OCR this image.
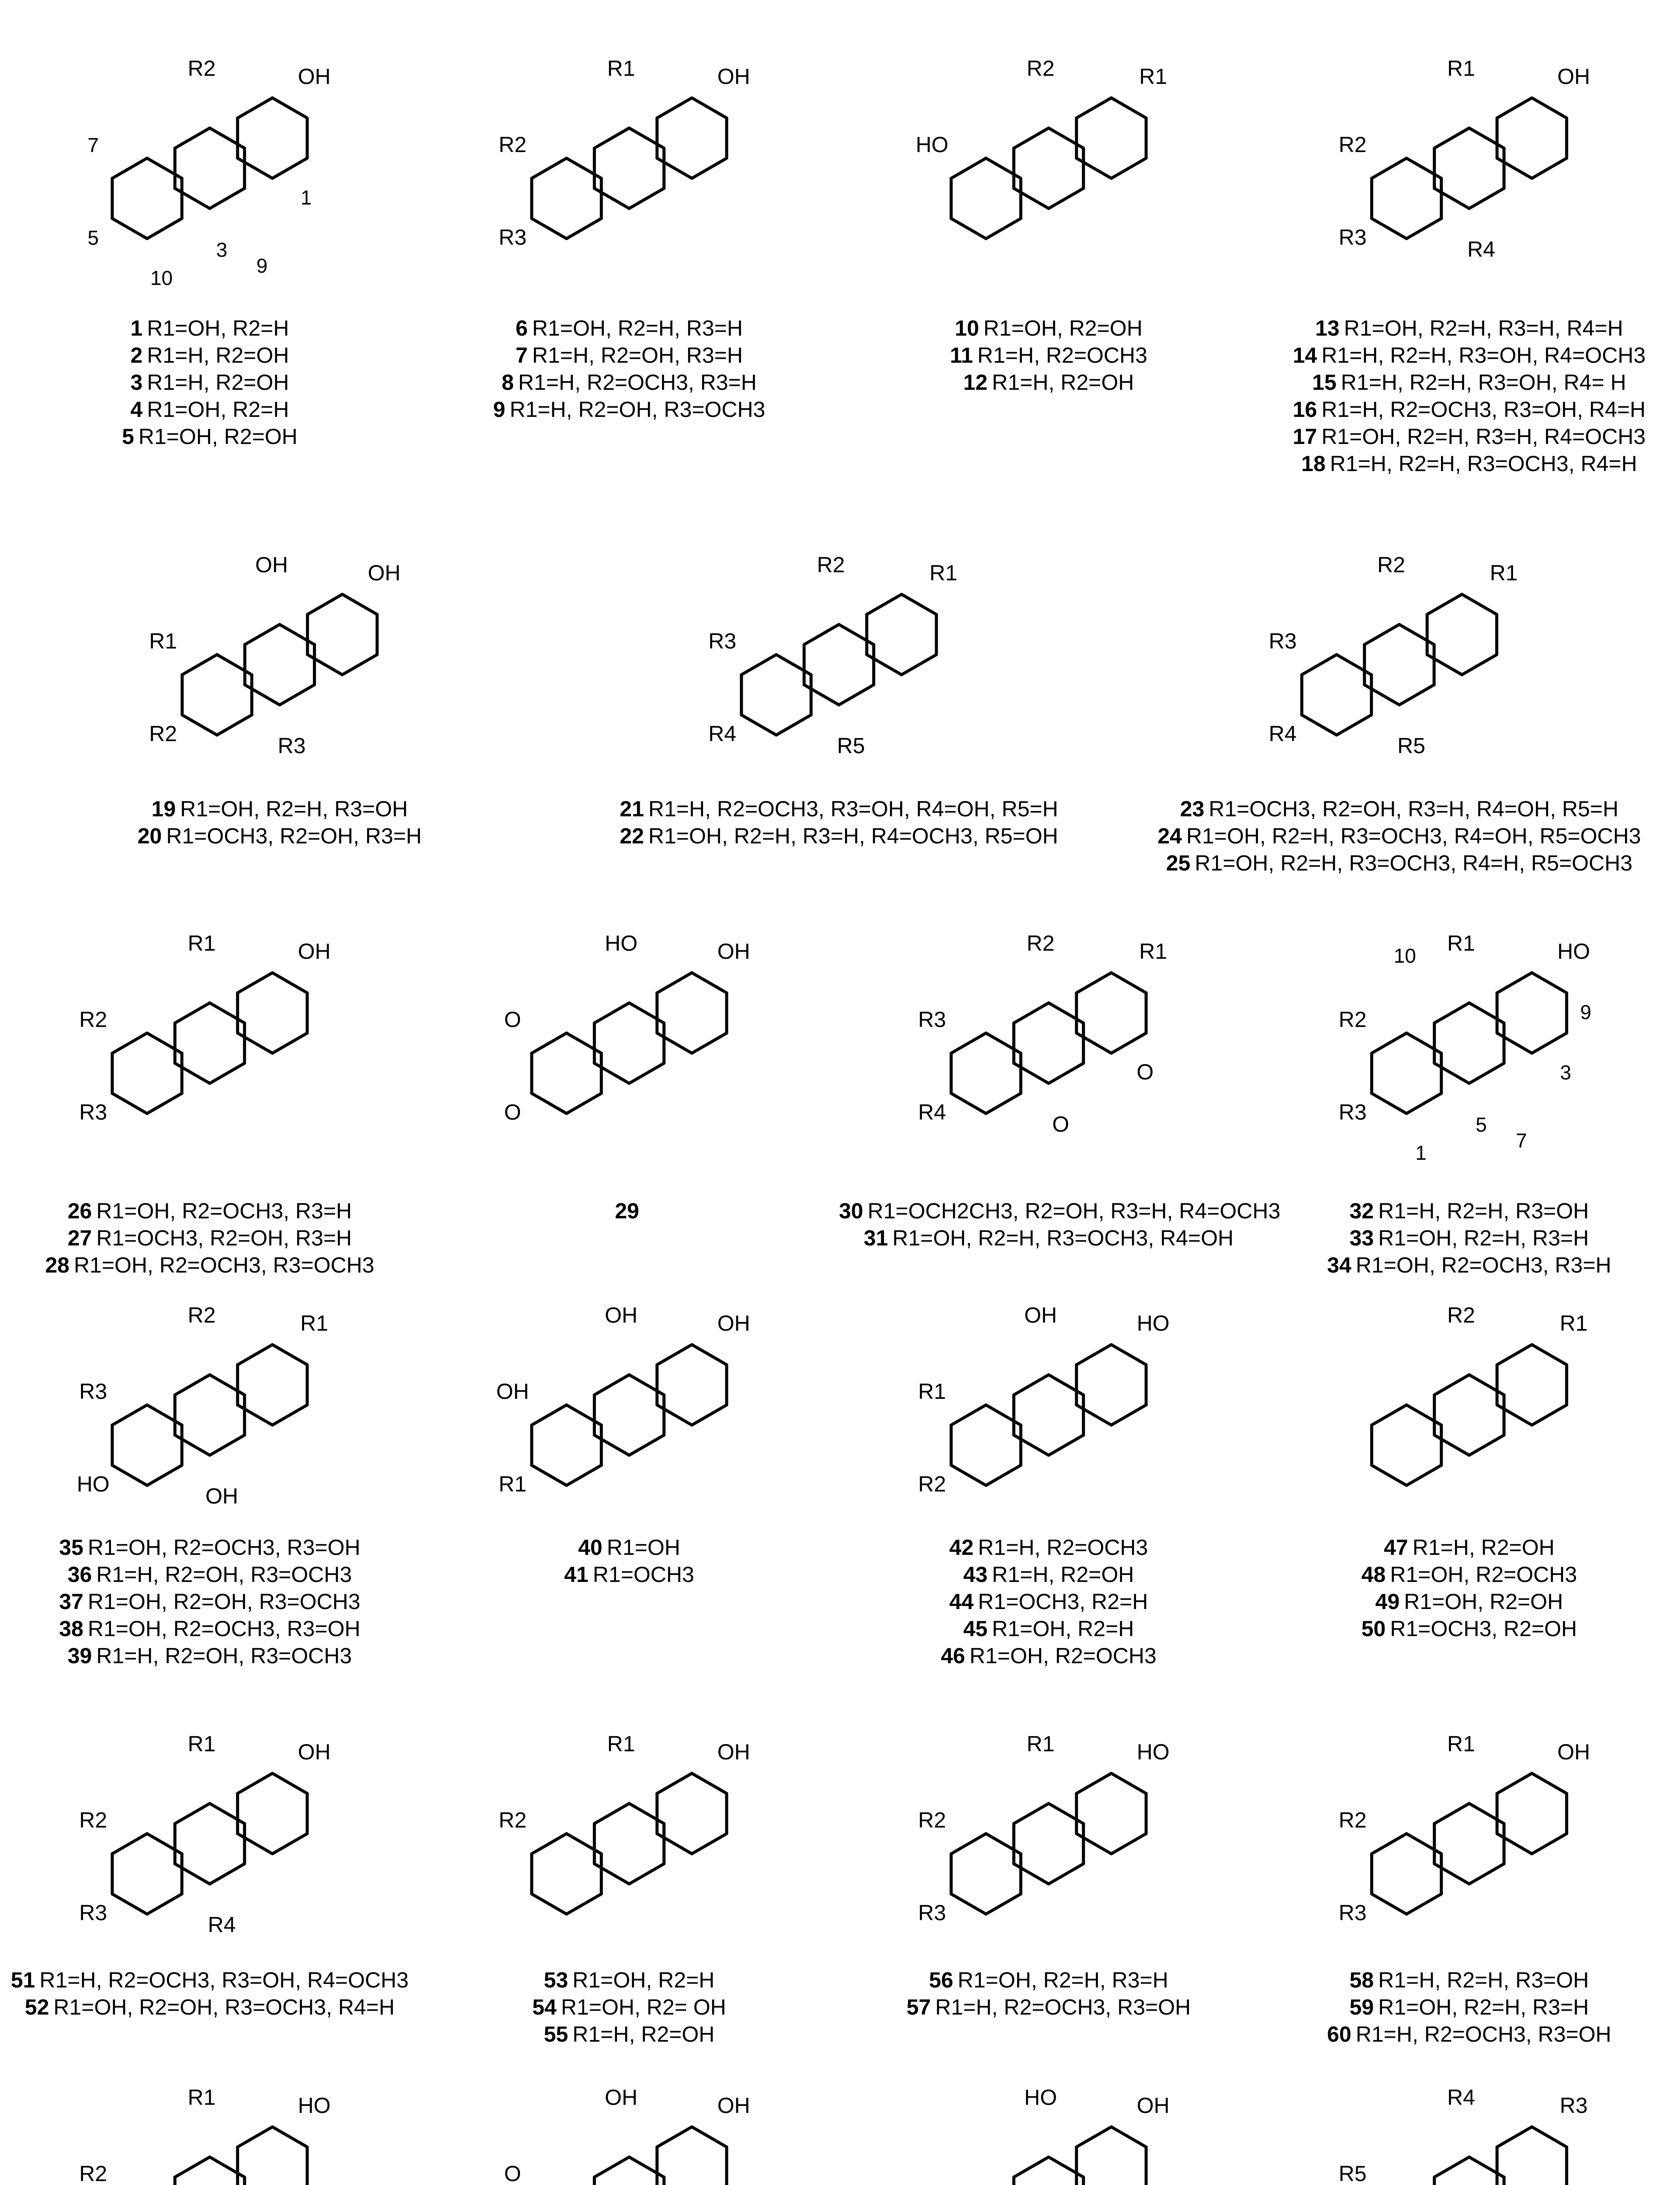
OH
R2
7
5
3
1
10
9
1 R1=OH, R2=H
2 R1=H, R2=OH
3 R1=H, R2=OH
4 R1=OH, R2=H
5 R1=OH, R2=OH
OH
R1
R2
R3
6 R1=OH, R2=H, R3=H
7 R1=H, R2=OH, R3=H
8 R1=H, R2=OCH3, R3=H
9 R1=H, R2=OH, R3=OCH3
R1
R2
HO
10 R1=OH, R2=OH
11 R1=H, R2=OCH3
12 R1=H, R2=OH
OH
R1
R2
R3	R4
13 R1=OH, R2=H, R3=H, R4=H
14 R1=H, R2=H, R3=OH, R4=OCH3
15 R1=H, R2=H, R3=OH, R4= H
16 R1=H, R2=OCH3, R3=OH, R4=H
17 R1=OH, R2=H, R3=H, R4=OCH3
18 R1=H, R2=H, R3=OCH3, R4=H
OH
OH
R1
R2	R3
19 R1=OH, R2=H, R3=OH
20 R1=OCH3, R2=OH, R3=H
R1
R2
R3
R4	R5
21 R1=H, R2=OCH3, R3=OH, R4=OH, R5=H
22 R1=OH, R2=H, R3=H, R4=OCH3, R5=OH
R1
R2
R3
R4	R5
23 R1=OCH3, R2=OH, R3=H, R4=OH, R5=H
24 R1=OH, R2=H, R3=OCH3, R4=OH, R5=OCH3
25 R1=OH, R2=H, R3=OCH3, R4=H, R5=OCH3
OH
R1
R2
R3
26 R1=OH, R2=OCH3, R3=H
27 R1=OCH3, R2=OH, R3=H
28 R1=OH, R2=OCH3, R3=OCH3
OH
HO
O
O
29
R1
R2
R3
R4	O
O
30 R1=OCH2CH3, R2=OH, R3=H, R4=OCH3
31 R1=OH, R2=H, R3=OCH3, R4=OH
HO
R1
R2
R3
5
3
1
7
9
10
32 R1=H, R2=H, R3=OH
33 R1=OH, R2=H, R3=H
34 R1=OH, R2=OCH3, R3=H
R1
R2
R3
HO	OH
35 R1=OH, R2=OCH3, R3=OH
36 R1=H, R2=OH, R3=OCH3
37 R1=OH, R2=OH, R3=OCH3
38 R1=OH, R2=OCH3, R3=OH
39 R1=H, R2=OH, R3=OCH3
OH
OH
OH
R1
40 R1=OH
41 R1=OCH3
HO
OH
R1
R2
42 R1=H, R2=OCH3
43 R1=H, R2=OH
44 R1=OCH3, R2=H
45 R1=OH, R2=H
46 R1=OH, R2=OCH3
R1
R2
47 R1=H, R2=OH
48 R1=OH, R2=OCH3
49 R1=OH, R2=OH
50 R1=OCH3, R2=OH
OH
R1
R2
R3	R4
51 R1=H, R2=OCH3, R3=OH, R4=OCH3
52 R1=OH, R2=OH, R3=OCH3, R4=H
OH
R1
R2
53 R1=OH, R2=H
54 R1=OH, R2= OH
55 R1=H, R2=OH
HO
R1
R2
R3
56 R1=OH, R2=H, R3=H
57 R1=H, R2=OCH3, R3=OH
OH
R1
R2
R3
58 R1=H, R2=H, R3=OH
59 R1=OH, R2=H, R3=H
60 R1=H, R2=OCH3, R3=OH
HO
R1
R2
OH
OH
O
OH
HO	R3
R4
R5
